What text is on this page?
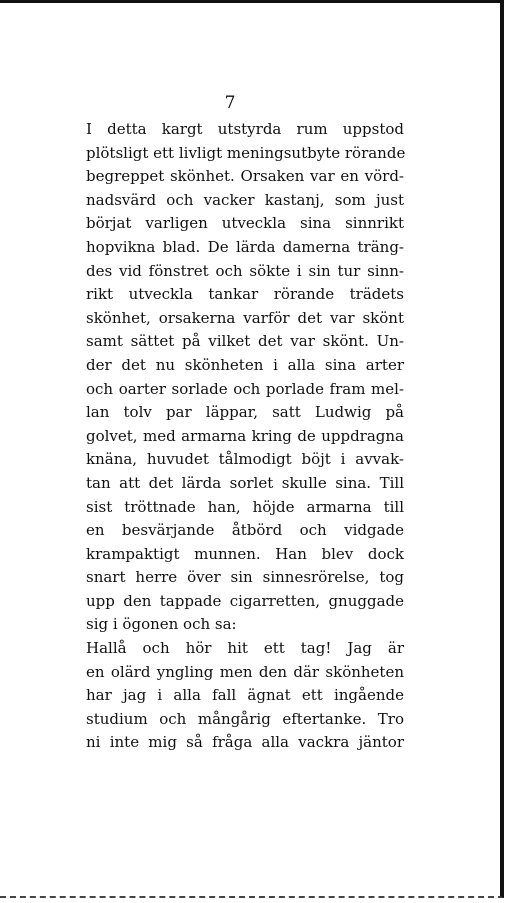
7
I detta kargt utstyrda rum uppstod
plötsligt ett livligt meningsutbyte rörande
begreppet skönhet. Orsaken var en vörd-
nadsvärd och vacker kastanj, som just
börjat varligen utveckla sina sinnrikt
hopvikna blad. De lärda damerna träng-
des vid fönstret och sökte i sin tur sinn-
rikt utveckla tankar rörande trädets
skönhet, orsakerna varför det var skönt
samt sättet på vilket det var skönt. Un-
der det nu skönheten i alla sina arter
och oarter sorlade och porlade fram mel-
lan tolv par läppar, satt Ludwig på
golvet, med armarna kring de uppdragna
knäna, huvudet tålmodigt böjt i avvak-
tan att det lärda sorlet skulle sina. Till
sist tröttnade han, höjde armarna till
en besvärjande åtbörd och vidgade
krampaktigt munnen. Han blev dock
snart herre över sin sinnesrörelse, tog
upp den tappade cigarretten, gnuggade
sig i ögonen och sa:
Hallå och hör hit ett tag! Jag är
en olärd yngling men den där skönheten
har jag i alla fall ägnat ett ingående
studium och mångårig eftertanke. Tro
ni inte mig så fråga alla vackra jäntor
